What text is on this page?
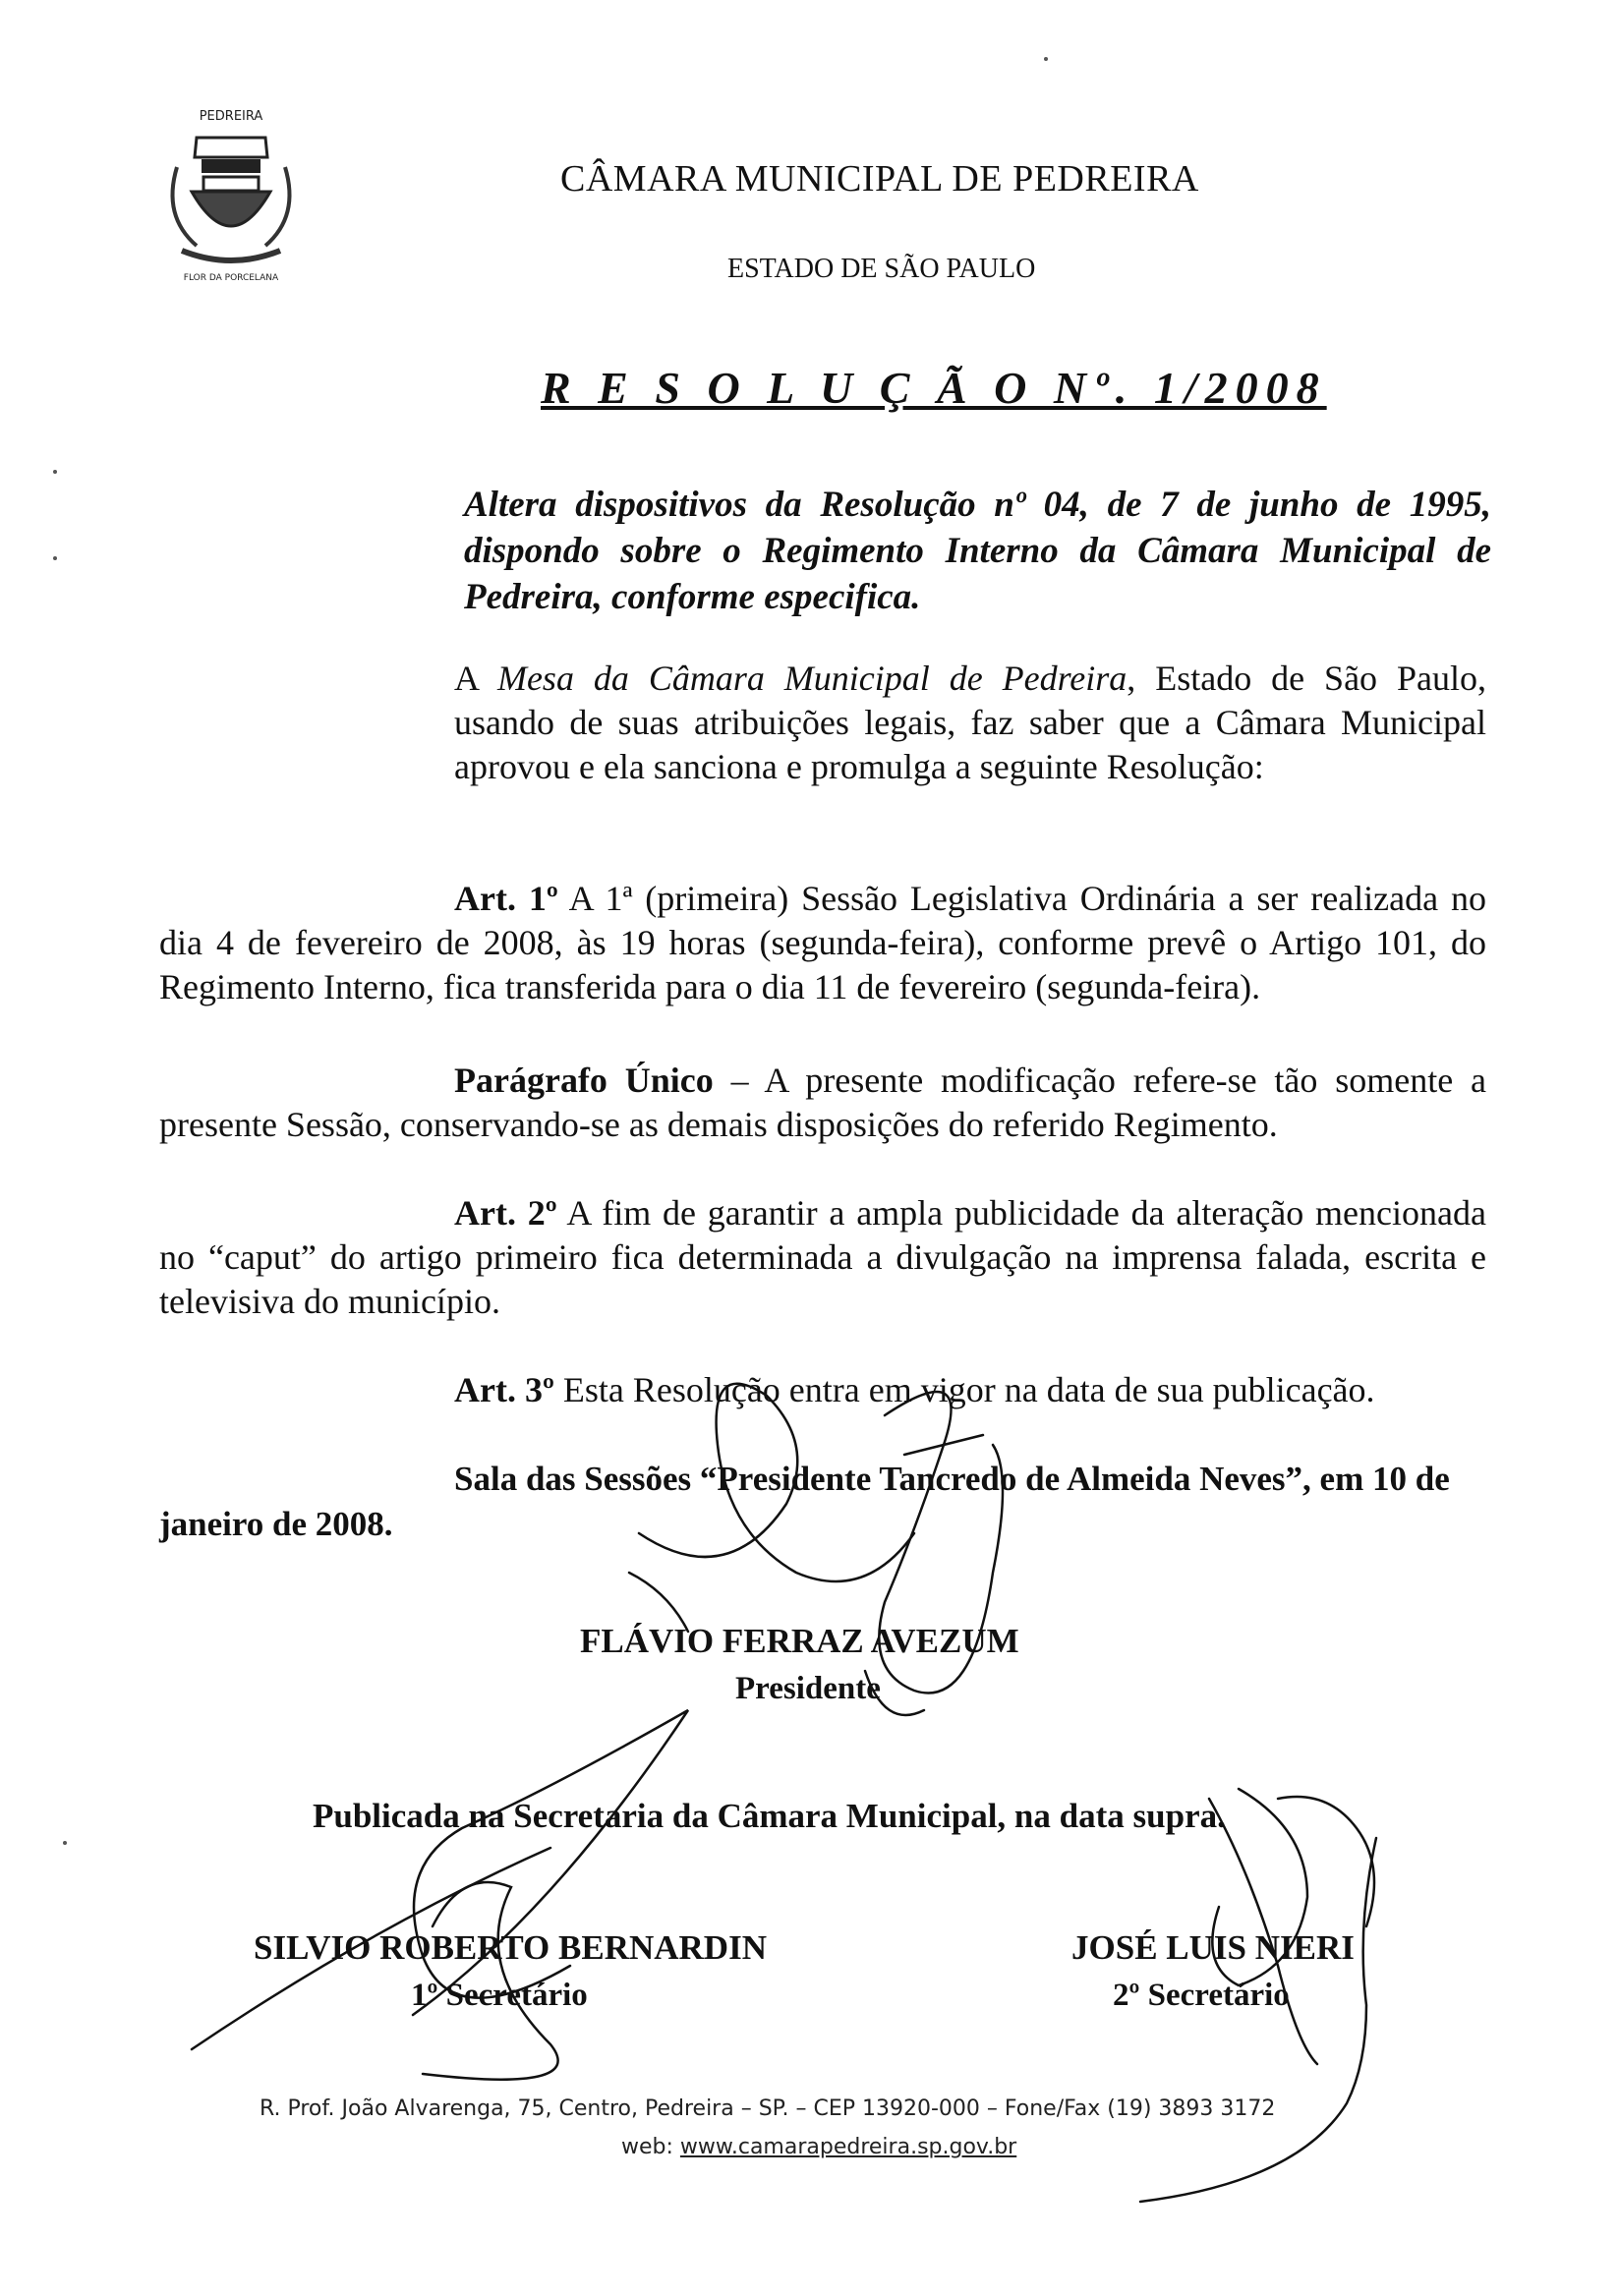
PEDREIRA
FLOR DA PORCELANA
CÂMARA MUNICIPAL DE PEDREIRA
ESTADO DE SÃO PAULO
R E S O L U Ç Ã O Nº. 1/2008
Altera dispositivos da Resolução nº 04, de 7 de junho de 1995, dispondo sobre o Regimento Interno da Câmara Municipal de Pedreira, conforme especifica.
A Mesa da Câmara Municipal de Pedreira, Estado de São Paulo, usando de suas atribuições legais, faz saber que a Câmara Municipal aprovou e ela sanciona e promulga a seguinte Resolução:
Art. 1º A 1ª (primeira) Sessão Legislativa Ordinária a ser realizada no dia 4 de fevereiro de 2008, às 19 horas (segunda-feira), conforme prevê o Artigo 101, do Regimento Interno, fica transferida para o dia 11 de fevereiro (segunda-feira).
Parágrafo Único – A presente modificação refere-se tão somente a presente Sessão, conservando-se as demais disposições do referido Regimento.
Art. 2º A fim de garantir a ampla publicidade da alteração mencionada no “caput” do artigo primeiro fica determinada a divulgação na imprensa falada, escrita e televisiva do município.
Art. 3º Esta Resolução entra em vigor na data de sua publicação.
Sala das Sessões “Presidente Tancredo de Almeida Neves”, em 10 de janeiro de 2008.
FLÁVIO FERRAZ AVEZUM
Presidente
Publicada na Secretaria da Câmara Municipal, na data supra.
SILVIO ROBERTO BERNARDIN
1º Secretário
JOSÉ LUIS NIERI
2º Secretário
R. Prof. João Alvarenga, 75, Centro, Pedreira – SP. – CEP 13920-000 – Fone/Fax (19) 3893 3172
web: www.camarapedreira.sp.gov.br
